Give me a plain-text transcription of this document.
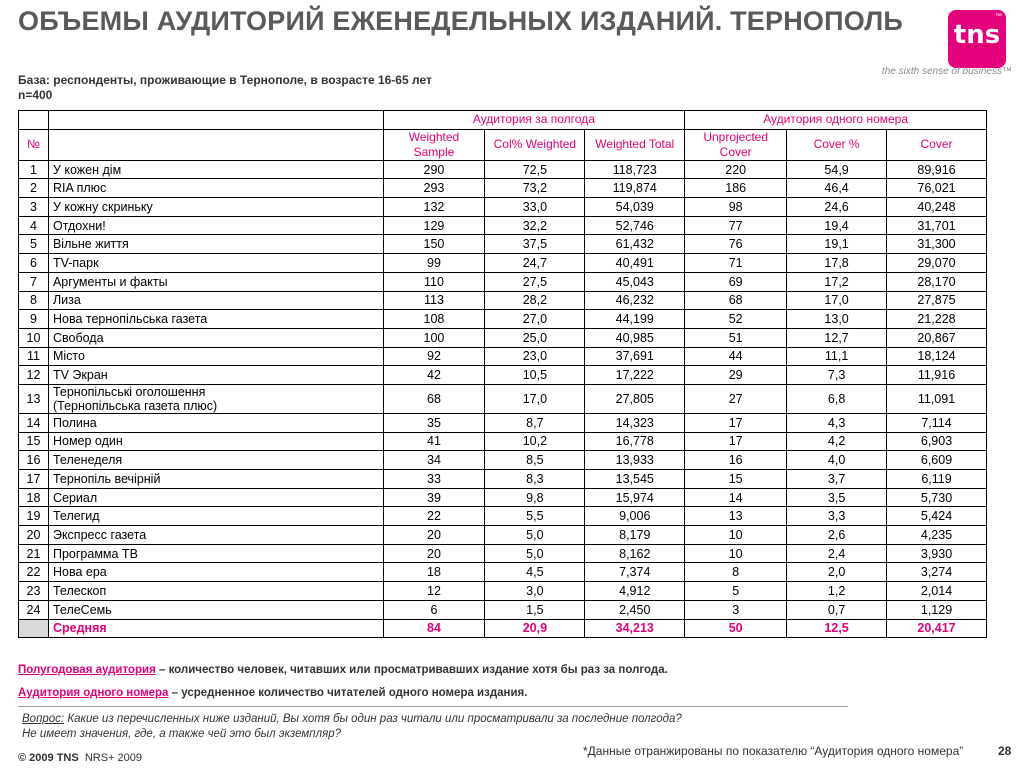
ОБЪЕМЫ АУДИТОРИЙ ЕЖЕНЕДЕЛЬНЫХ ИЗДАНИЙ. ТЕРНОПОЛЬ tns
™
the sixth sense of business™
База: респонденты, проживающие в Тернополе, в возрасте 16-65 лет
n=400
		Аудитория за полгода			Аудитория одного номера		
№		Weighted Sample	Col% Weighted	Weighted Total	Unprojected Cover	Cover %	Cover
1	У кожен дім	290	72,5	118,723	220	54,9	89,916
2	RIA плюс	293	73,2	119,874	186	46,4	76,021
3	У кожну скриньку	132	33,0	54,039	98	24,6	40,248
4	Отдохни!	129	32,2	52,746	77	19,4	31,701
5	Вільне життя	150	37,5	61,432	76	19,1	31,300
6	TV-парк	99	24,7	40,491	71	17,8	29,070
7	Аргументы и факты	110	27,5	45,043	69	17,2	28,170
8	Лиза	113	28,2	46,232	68	17,0	27,875
9	Нова тернопільська газета	108	27,0	44,199	52	13,0	21,228
10	Свобода	100	25,0	40,985	51	12,7	20,867
11	Місто	92	23,0	37,691	44	11,1	18,124
12	TV Экран	42	10,5	17,222	29	7,3	11,916
13	Тернопільські оголошення
(Тернопільська газета плюс)	68	17,0	27,805	27	6,8	11,091
14	Полина	35	8,7	14,323	17	4,3	7,114
15	Номер один	41	10,2	16,778	17	4,2	6,903
16	Теленеделя	34	8,5	13,933	16	4,0	6,609
17	Тернопіль вечірній	33	8,3	13,545	15	3,7	6,119
18	Сериал	39	9,8	15,974	14	3,5	5,730
19	Телегид	22	5,5	9,006	13	3,3	5,424
20	Экспресс газета	20	5,0	8,179	10	2,6	4,235
21	Программа ТВ	20	5,0	8,162	10	2,4	3,930
22	Нова ера	18	4,5	7,374	8	2,0	3,274
23	Телескоп	12	3,0	4,912	5	1,2	2,014
24	ТелеСемь	6	1,5	2,450	3	0,7	1,129
	Средняя	84	20,9	34,213	50	12,5	20,417
Полугодовая аудитория – количество человек, читавших или просматривавших издание хотя бы раз за полгода.
Аудитория одного номера – усредненное количество читателей одного номера издания.
Вопрос: Какие из перечисленных ниже изданий, Вы хотя бы один раз читали или просматривали за последние полгода?
Не имеет значения, где, а также чей это был экземпляр?
*Данные отранжированы по показателю “Аудитория одного номера”	28
© 2009 TNS NRS+ 2009
